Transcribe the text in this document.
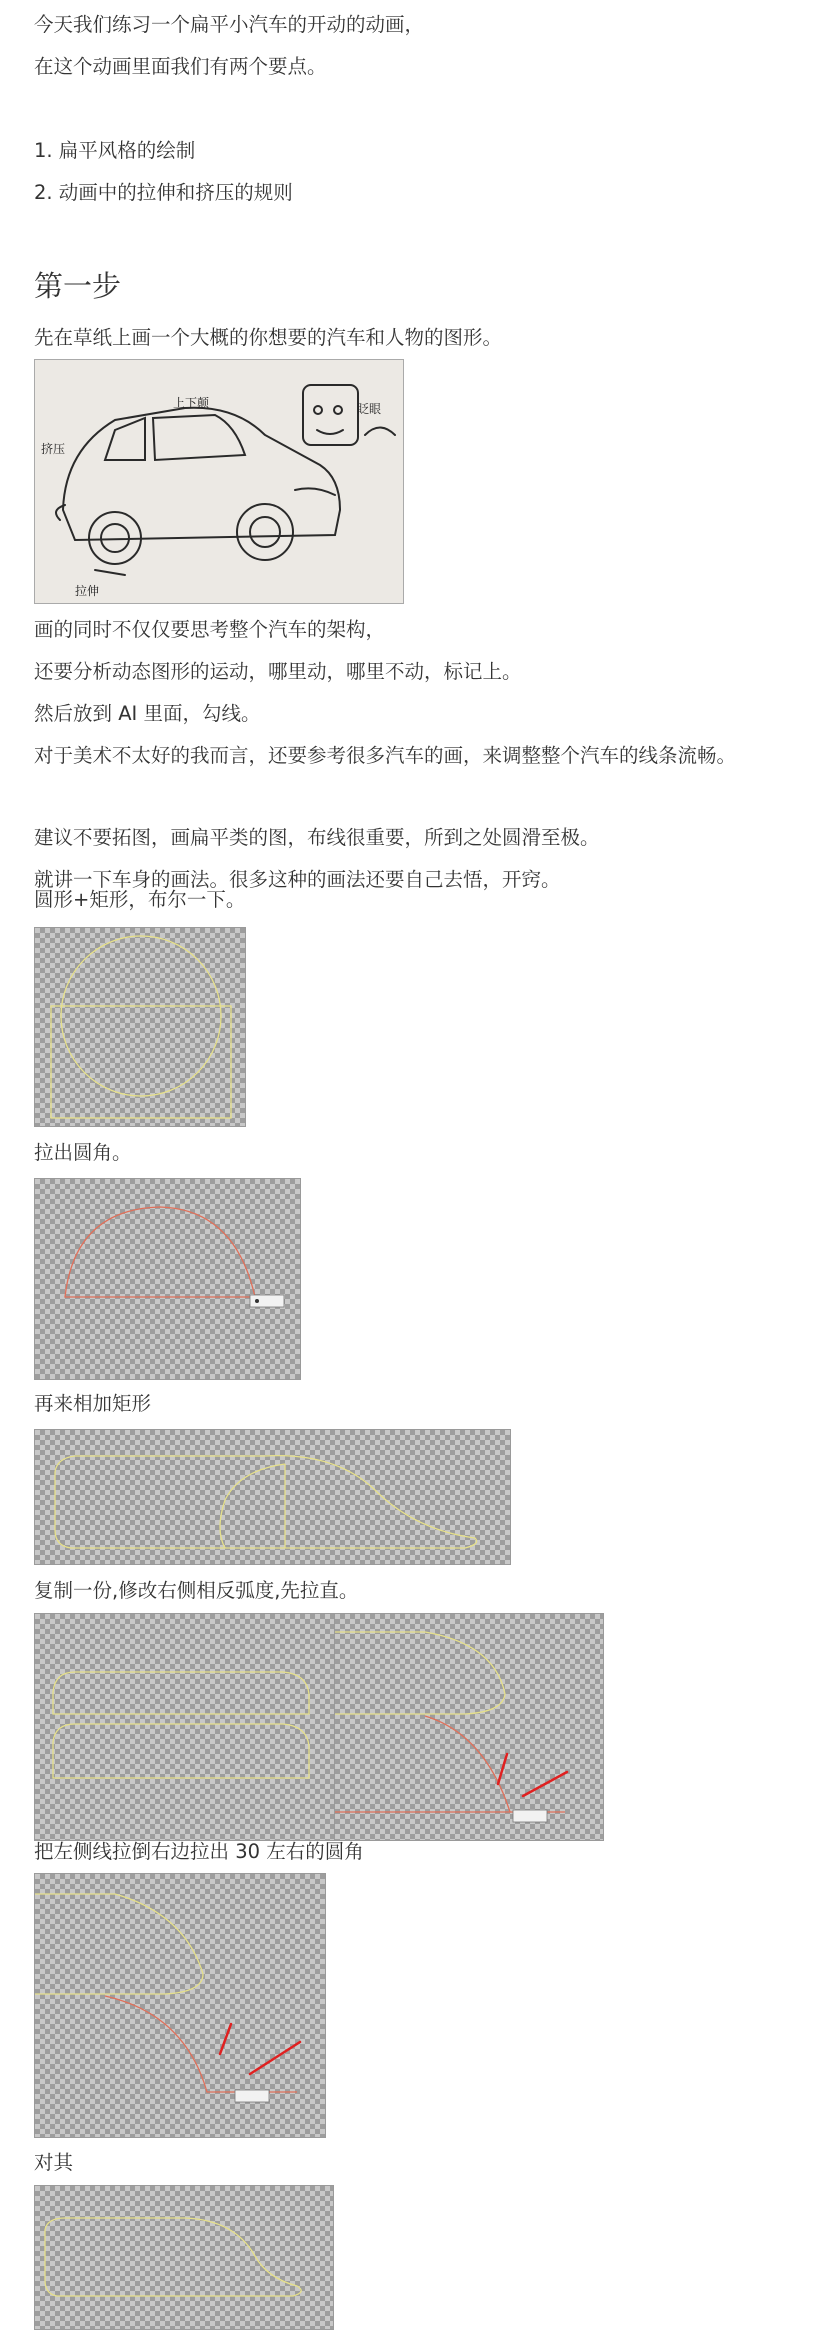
今天我们练习一个扁平小汽车的开动的动画，
在这个动画里面我们有两个要点。
1. 扁平风格的绘制
2. 动画中的拉伸和挤压的规则
第一步
先在草纸上画一个大概的你想要的汽车和人物的图形。
上下颠
挤压
拉伸
眨眼
画的同时不仅仅要思考整个汽车的架构，
还要分析动态图形的运动，哪里动，哪里不动，标记上。
然后放到 AI 里面，勾线。
对于美术不太好的我而言，还要参考很多汽车的画，来调整整个汽车的线条流畅。
建议不要拓图，画扁平类的图，布线很重要，所到之处圆滑至极。
就讲一下车身的画法。很多这种的画法还要自己去悟，开窍。
圆形+矩形，布尔一下。
拉出圆角。
再来相加矩形
复制一份,修改右侧相反弧度,先拉直。
把左侧线拉倒右边拉出 30 左右的圆角
对其
